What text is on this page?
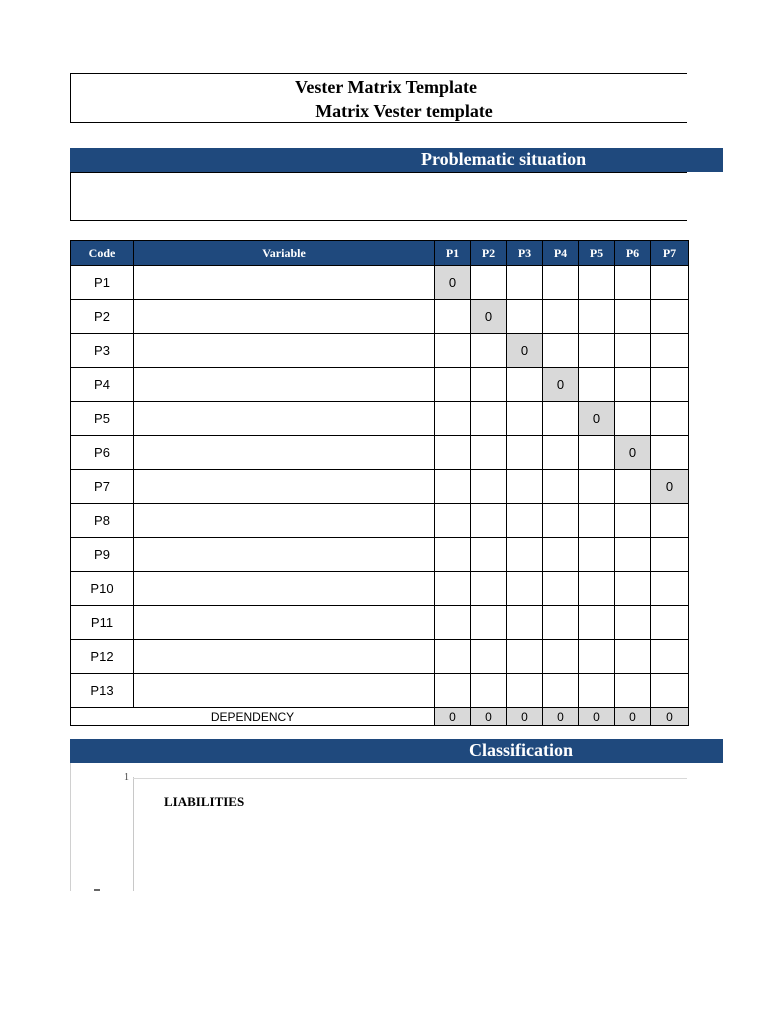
Vester Matrix Template
Matrix Vester template
Problematic situation
Code	Variable	P1	P2	P3	P4	P5	P6	P7
P1		0						
P2			0					
P3				0				
P4					0			
P5						0		
P6							0	
P7								0
P8								
P9								
P10								
P11								
P12								
P13								
DEPENDENCY		0	0	0	0	0	0	0
Classification
1
LIABILITIES
